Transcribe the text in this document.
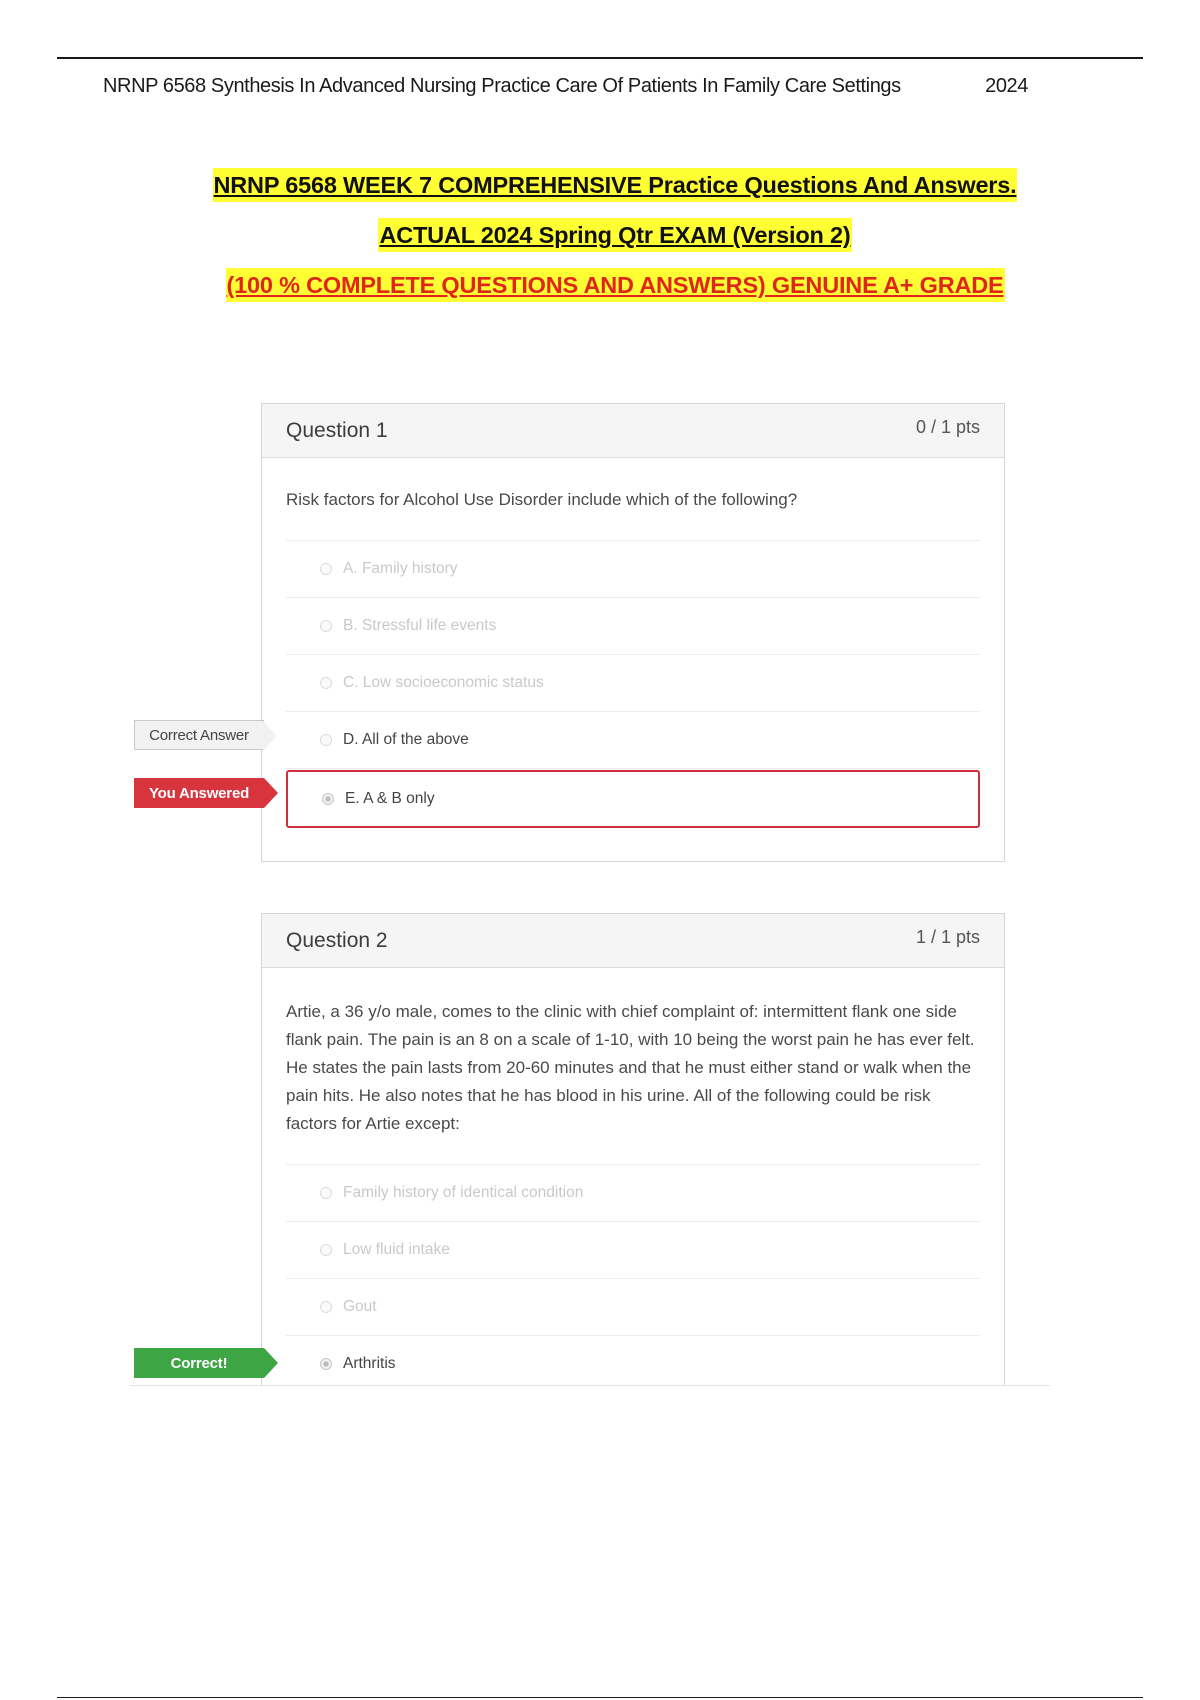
NRNP 6568 Synthesis In Advanced Nursing Practice Care Of Patients In Family Care Settings	2024
NRNP 6568 WEEK 7 COMPREHENSIVE Practice Questions And Answers.
ACTUAL 2024 Spring Qtr EXAM (Version 2)
(100 % COMPLETE QUESTIONS AND ANSWERS) GENUINE A+ GRADE
Question 1	0 / 1 pts
Risk factors for Alcohol Use Disorder include which of the following?
A. Family history
B. Stressful life events
C. Low socioeconomic status
D. All of the above
E. A & B only
Correct Answer
You Answered
Question 2	1 / 1 pts
Artie, a 36 y/o male, comes to the clinic with chief complaint of: intermittent flank one side flank pain. The pain is an 8 on a scale of 1-10, with 10 being the worst pain he has ever felt. He states the pain lasts from 20-60 minutes and that he must either stand or walk when the pain hits. He also notes that he has blood in his urine. All of the following could be risk factors for Artie except:
Family history of identical condition
Low fluid intake
Gout
Arthritis
Correct!
